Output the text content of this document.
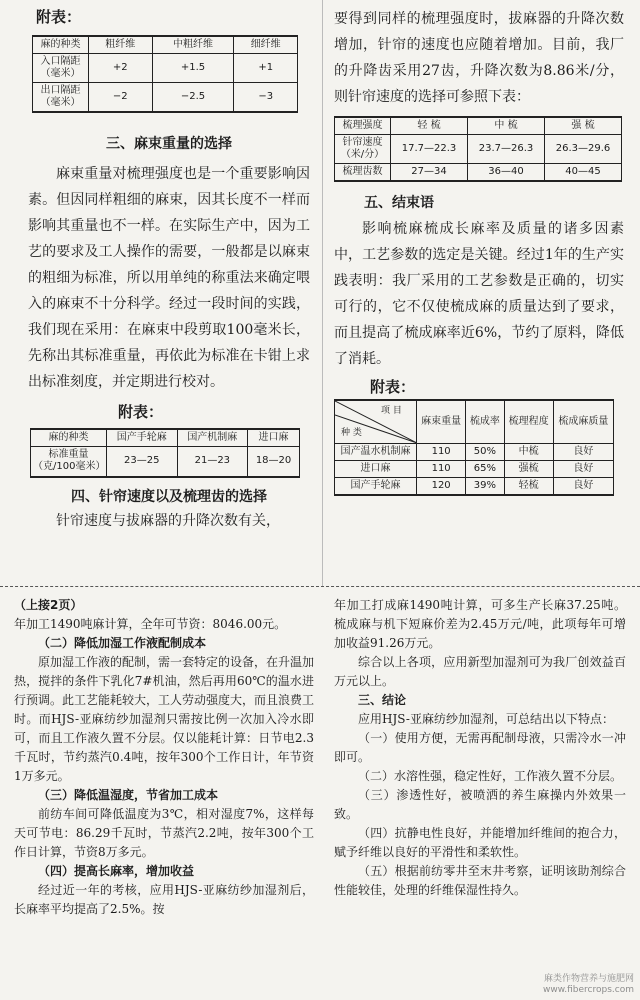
附表：

麻的种类	粗纤维	中粗纤维	细纤维
入口隔距（毫米）	+2	+1.5	+1
出口隔距（毫米）	−2	−2.5	−3

三、麻束重量的选择

麻束重量对梳理强度也是一个重要影响因素。但因同样粗细的麻束，因其长度不一样而影响其重量也不一样。在实际生产中，因为工艺的要求及工人操作的需要，一般都是以麻束的粗细为标准，所以用单纯的称重法来确定喂入的麻束不十分科学。经过一段时间的实践，我们现在采用：在麻束中段剪取100毫米长，先称出其标准重量，再依此为标准在卡钳上求出标准刻度，并定期进行校对。

附表：

麻的种类	国产手轮麻	国产机制麻	进口麻
标准重量（克/100毫米）	23—25	21—23	18—20

四、针帘速度以及梳理齿的选择

针帘速度与拔麻器的升降次数有关，

要得到同样的梳理强度时，拔麻器的升降次数增加，针帘的速度也应随着增加。目前，我厂的升降齿采用27齿，升降次数为8.86米/分，则针帘速度的选择可参照下表：

梳理强度	轻 梳	中 梳	强 梳
针帘速度（米/分）	17.7—22.3	23.7—26.3	26.3—29.6
梳理齿数	27—34	36—40	40—45

五、结束语

影响梳麻梳成长麻率及质量的诸多因素中，工艺参数的选定是关键。经过1年的生产实践表明：我厂采用的工艺参数是正确的，切实可行的，它不仅使梳成麻的质量达到了要求，而且提高了梳成麻率近6%，节约了原料，降低了消耗。

附表：

项 目
种 类	麻束重量	梳成率	梳理程度	梳成麻质量
国产温水机制麻	110	50%	中梳	良好
进口麻	110	65%	强梳	良好
国产手轮麻	120	39%	轻梳	良好

（上接2页）

年加工1490吨麻计算，全年可节资：8046.00元。

（二）降低加湿工作液配制成本

原加湿工作液的配制，需一套特定的设备，在升温加热，搅拌的条件下乳化7#机油，然后再用60℃的温水进行预调。此工艺能耗较大，工人劳动强度大，而且浪费工时。而HJS-亚麻纺纱加湿剂只需按比例一次加入冷水即可，而且工作液久置不分层。仅以能耗计算：日节电2.3千瓦时，节约蒸汽0.4吨，按年300个工作日计，年节资1万多元。

（三）降低温湿度，节省加工成本

前纺车间可降低温度为3℃，相对湿度7%，这样每天可节电：86.29千瓦时，节蒸汽2.2吨，按年300个工作日计算，节资8万多元。

（四）提高长麻率，增加收益

经过近一年的考核，应用HJS-亚麻纺纱加湿剂后，长麻率平均提高了2.5%。按

年加工打成麻1490吨计算，可多生产长麻37.25吨。梳成麻与机下短麻价差为2.45万元/吨，此项每年可增加收益91.26万元。

综合以上各项，应用新型加湿剂可为我厂创效益百万元以上。

三、结论

应用HJS-亚麻纺纱加湿剂，可总结出以下特点：

（一）使用方便，无需再配制母液，只需冷水一冲即可。

（二）水溶性强，稳定性好，工作液久置不分层。

（三）渗透性好，被喷洒的养生麻操内外效果一致。

（四）抗静电性良好，并能增加纤维间的抱合力，赋予纤维以良好的平滑性和柔软性。

（五）根据前纺零井至末井考察，证明该助剂综合性能较佳，处理的纤维保湿性持久。

麻类作物营养与施肥网
www.fibercrops.com
